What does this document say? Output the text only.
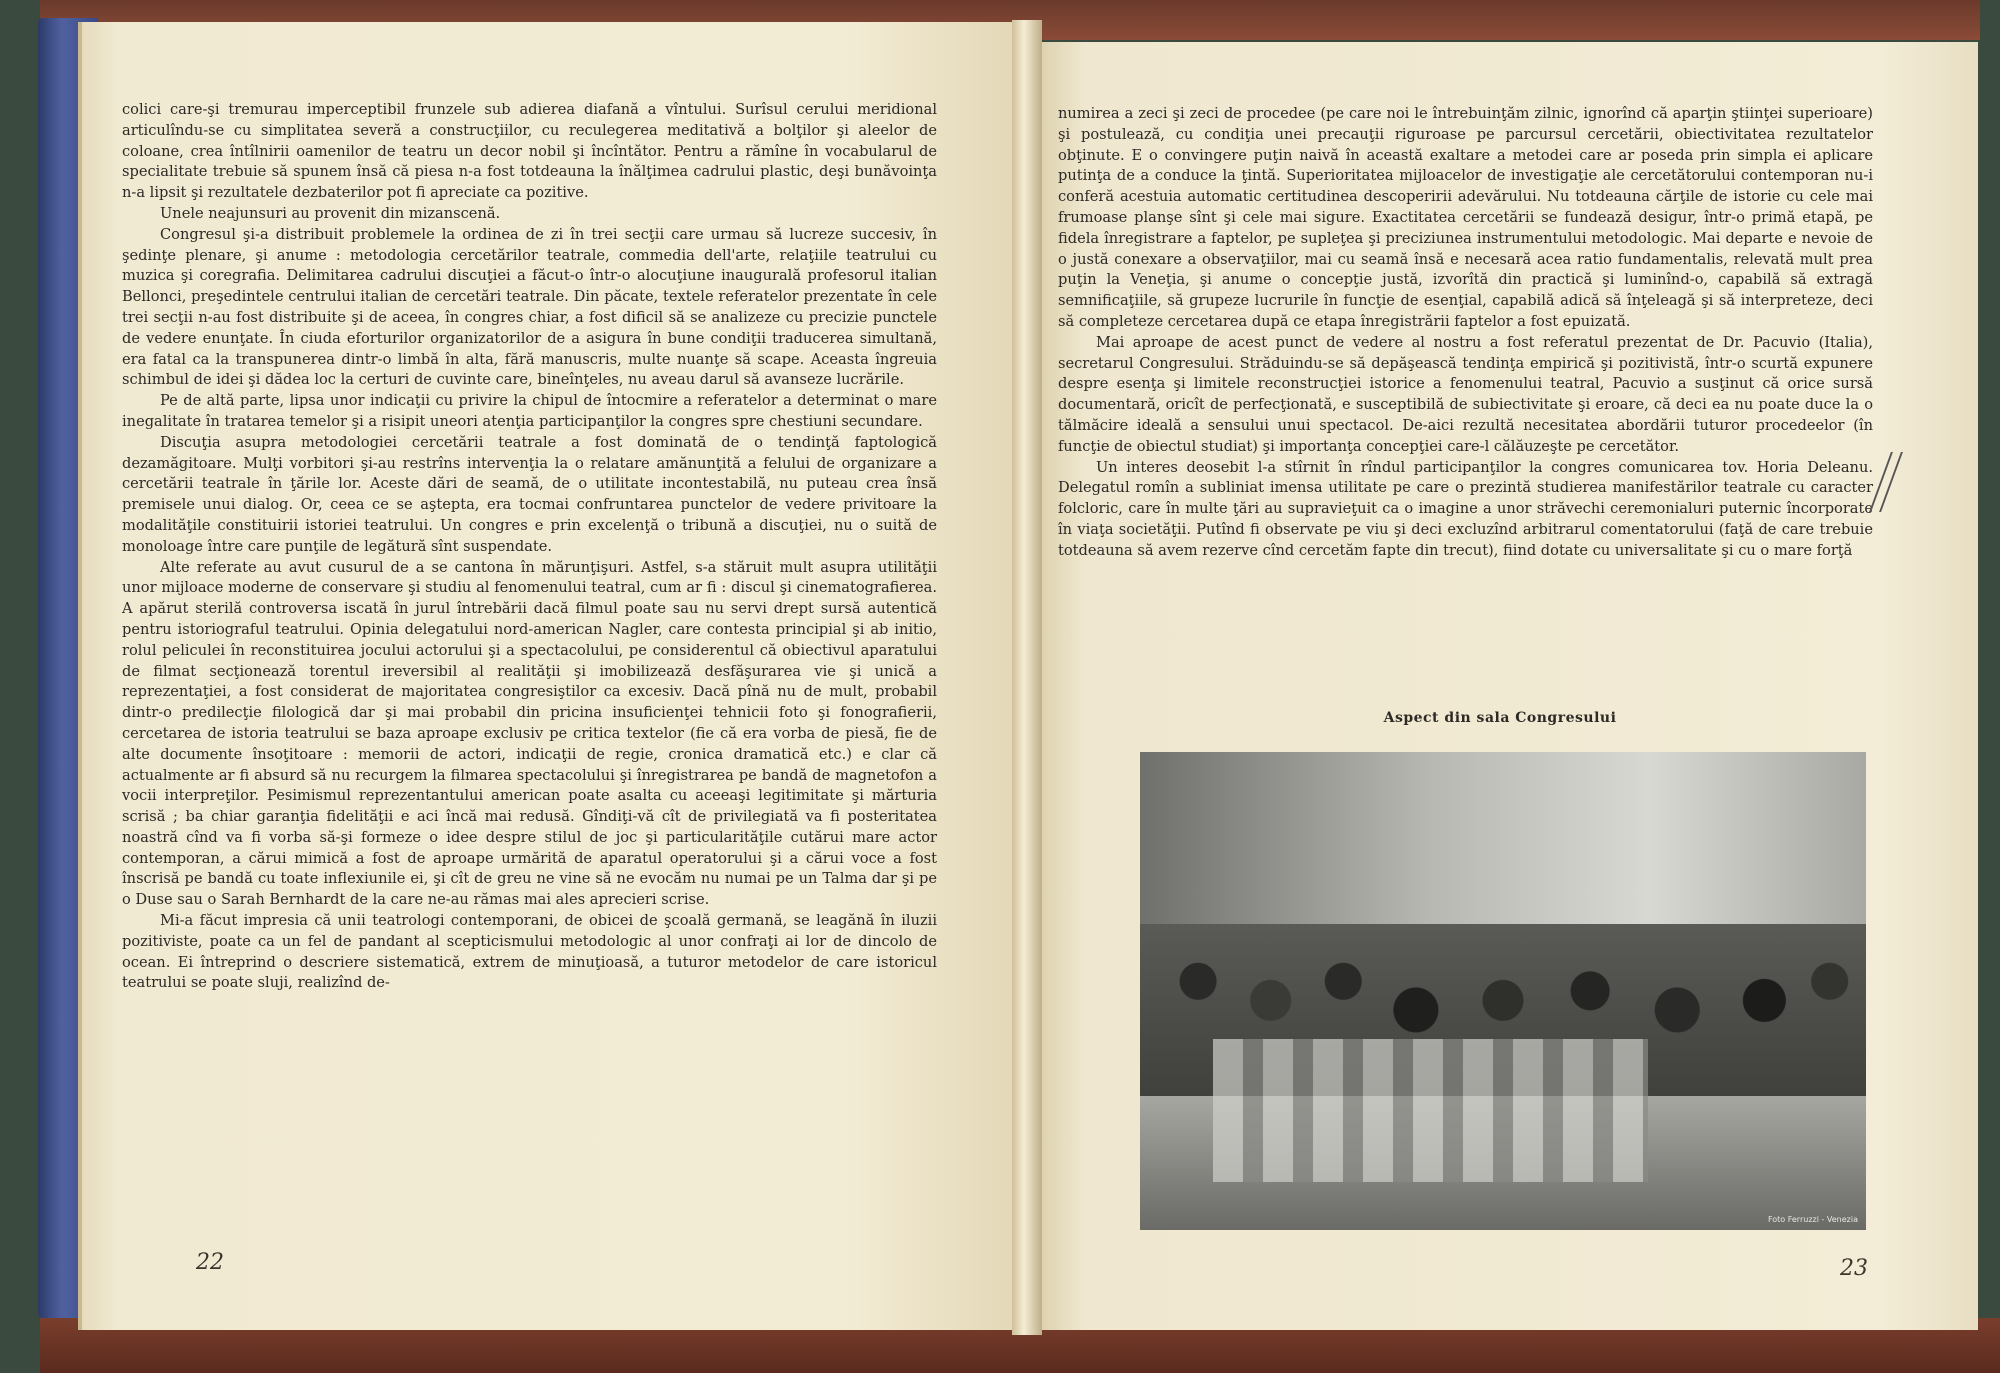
colici care-şi tremurau imperceptibil frunzele sub adierea diafană a vîntului. Surîsul cerului meridional articulîndu-se cu simplitatea severă a construcţiilor, cu reculegerea meditativă a bolţilor şi aleelor de coloane, crea întîlnirii oamenilor de teatru un decor nobil şi încîntător. Pentru a rămîne în vocabularul de specialitate trebuie să spunem însă că piesa n-a fost totdeauna la înălţimea cadrului plastic, deşi bunăvoinţa n-a lipsit şi rezultatele dezbaterilor pot fi apreciate ca pozitive.

Unele neajunsuri au provenit din mizanscenă.

Congresul şi-a distribuit problemele la ordinea de zi în trei secţii care urmau să lucreze succesiv, în şedinţe plenare, şi anume : metodologia cercetărilor teatrale, commedia dell'arte, relaţiile teatrului cu muzica şi coregrafia. Delimitarea cadrului discuţiei a făcut-o într-o alocuţiune inaugurală profesorul italian Bellonci, preşedintele centrului italian de cercetări teatrale. Din păcate, textele referatelor prezentate în cele trei secţii n-au fost distribuite şi de aceea, în congres chiar, a fost dificil să se analizeze cu precizie punctele de vedere enunţate. În ciuda eforturilor organizatorilor de a asigura în bune condiţii traducerea simultană, era fatal ca la transpunerea dintr-o limbă în alta, fără manuscris, multe nuanţe să scape. Aceasta îngreuia schimbul de idei şi dădea loc la certuri de cuvinte care, bineînţeles, nu aveau darul să avanseze lucrările.

Pe de altă parte, lipsa unor indicaţii cu privire la chipul de întocmire a referatelor a determinat o mare inegalitate în tratarea temelor şi a risipit uneori atenţia participanţilor la congres spre chestiuni secundare.

Discuţia asupra metodologiei cercetării teatrale a fost dominată de o tendinţă faptologică dezamăgitoare. Mulţi vorbitori şi-au restrîns intervenţia la o relatare amănunţită a felului de organizare a cercetării teatrale în ţările lor. Aceste dări de seamă, de o utilitate incontestabilă, nu puteau crea însă premisele unui dialog. Or, ceea ce se aştepta, era tocmai confruntarea punctelor de vedere privitoare la modalităţile constituirii istoriei teatrului. Un congres e prin excelenţă o tribună a discuţiei, nu o suită de monoloage între care punţile de legătură sînt suspendate.

Alte referate au avut cusurul de a se cantona în mărunţişuri. Astfel, s-a stăruit mult asupra utilităţii unor mijloace moderne de conservare şi studiu al fenomenului teatral, cum ar fi : discul şi cinematografierea. A apărut sterilă controversa iscată în jurul întrebării dacă filmul poate sau nu servi drept sursă autentică pentru istoriograful teatrului. Opinia delegatului nord-american Nagler, care contesta principial şi ab initio, rolul peliculei în reconstituirea jocului actorului şi a spectacolului, pe considerentul că obiectivul aparatului de filmat secţionează torentul ireversibil al realităţii şi imobilizează desfăşurarea vie şi unică a reprezentaţiei, a fost considerat de majoritatea congresiştilor ca excesiv. Dacă pînă nu de mult, probabil dintr-o predilecţie filologică dar şi mai probabil din pricina insuficienţei tehnicii foto şi fonografierii, cercetarea de istoria teatrului se baza aproape exclusiv pe critica textelor (fie că era vorba de piesă, fie de alte documente însoţitoare : memorii de actori, indicaţii de regie, cronica dramatică etc.) e clar că actualmente ar fi absurd să nu recurgem la filmarea spectacolului şi înregistrarea pe bandă de magnetofon a vocii interpreţilor. Pesimismul reprezentantului american poate asalta cu aceeaşi legitimitate şi mărturia scrisă ; ba chiar garanţia fidelităţii e aci încă mai redusă. Gîndiţi-vă cît de privilegiată va fi posteritatea noastră cînd va fi vorba să-şi formeze o idee despre stilul de joc şi particularităţile cutărui mare actor contemporan, a cărui mimică a fost de aproape urmărită de aparatul operatorului şi a cărui voce a fost înscrisă pe bandă cu toate inflexiunile ei, şi cît de greu ne vine să ne evocăm nu numai pe un Talma dar şi pe o Duse sau o Sarah Bernhardt de la care ne-au rămas mai ales aprecieri scrise.

Mi-a făcut impresia că unii teatrologi contemporani, de obicei de şcoală germană, se leagănă în iluzii pozitiviste, poate ca un fel de pandant al scepticismului metodologic al unor confraţi ai lor de dincolo de ocean. Ei întreprind o descriere sistematică, extrem de minuţioasă, a tuturor metodelor de care istoricul teatrului se poate sluji, realizînd de-

22

numirea a zeci şi zeci de procedee (pe care noi le întrebuinţăm zilnic, ignorînd că aparţin ştiinţei superioare) şi postulează, cu condiţia unei precauţii riguroase pe parcursul cercetării, obiectivitatea rezultatelor obţinute. E o convingere puţin naivă în această exaltare a metodei care ar poseda prin simpla ei aplicare putinţa de a conduce la ţintă. Superioritatea mijloacelor de investigaţie ale cercetătorului contemporan nu-i conferă acestuia automatic certitudinea descoperirii adevărului. Nu totdeauna cărţile de istorie cu cele mai frumoase planşe sînt şi cele mai sigure. Exactitatea cercetării se fundează desigur, într-o primă etapă, pe fidela înregistrare a faptelor, pe supleţea şi preciziunea instrumentului metodologic. Mai departe e nevoie de o justă conexare a observaţiilor, mai cu seamă însă e necesară acea ratio fundamentalis, relevată mult prea puţin la Veneţia, şi anume o concepţie justă, izvorîtă din practică şi luminînd-o, capabilă să extragă semnificaţiile, să grupeze lucrurile în funcţie de esenţial, capabilă adică să înţeleagă şi să interpreteze, deci să completeze cercetarea după ce etapa înregistrării faptelor a fost epuizată.

Mai aproape de acest punct de vedere al nostru a fost referatul prezentat de Dr. Pacuvio (Italia), secretarul Congresului. Străduindu-se să depăşească tendinţa empirică şi pozitivistă, într-o scurtă expunere despre esenţa şi limitele reconstrucţiei istorice a fenomenului teatral, Pacuvio a susţinut că orice sursă documentară, oricît de perfecţionată, e susceptibilă de subiectivitate şi eroare, că deci ea nu poate duce la o tălmăcire ideală a sensului unui spectacol. De-aici rezultă necesitatea abordării tuturor procedeelor (în funcţie de obiectul studiat) şi importanţa concepţiei care-l călăuzeşte pe cercetător.

Un interes deosebit l-a stîrnit în rîndul participanţilor la congres comunicarea tov. Horia Deleanu. Delegatul romîn a subliniat imensa utilitate pe care o prezintă studierea manifestărilor teatrale cu caracter folcloric, care în multe ţări au supravieţuit ca o imagine a unor străvechi ceremonialuri puternic încorporate în viaţa societăţii. Putînd fi observate pe viu şi deci excluzînd arbitrarul comentatorului (faţă de care trebuie totdeauna să avem rezerve cînd cercetăm fapte din trecut), fiind dotate cu universalitate şi cu o mare forţă

Aspect din sala Congresului
Foto Ferruzzi - Venezia
23
